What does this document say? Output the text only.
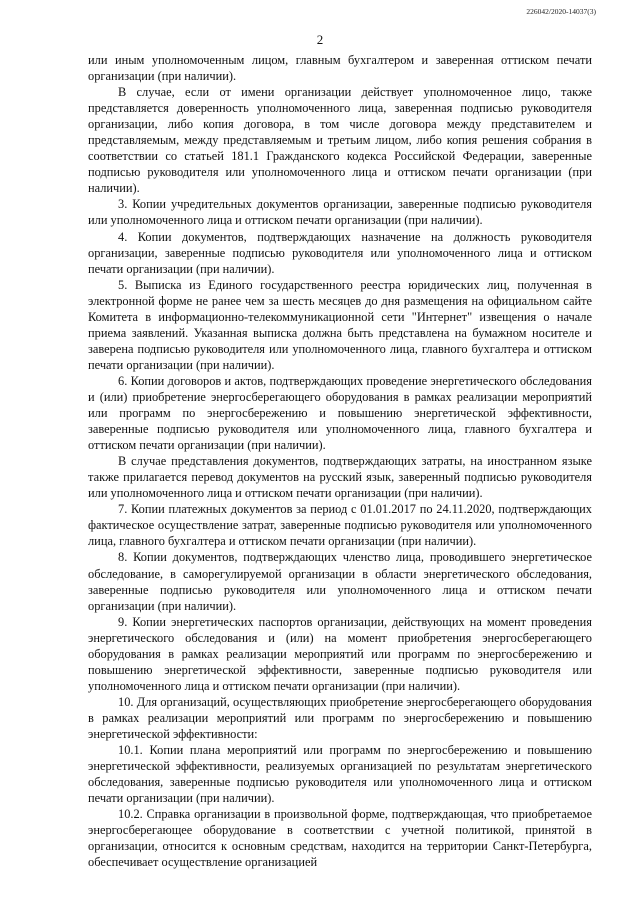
226042/2020-14037(3)
2

или иным уполномоченным лицом, главным бухгалтером и заверенная оттиском печати организации (при наличии).

В случае, если от имени организации действует уполномоченное лицо, также представляется доверенность уполномоченного лица, заверенная подписью руководителя организации, либо копия договора, в том числе договора между представителем и представляемым, между представляемым и третьим лицом, либо копия решения собрания в соответствии со статьей 181.1 Гражданского кодекса Российской Федерации, заверенные подписью руководителя или уполномоченного лица и оттиском печати организации (при наличии).

3. Копии учредительных документов организации, заверенные подписью руководителя или уполномоченного лица и оттиском печати организации (при наличии).

4. Копии документов, подтверждающих назначение на должность руководителя организации, заверенные подписью руководителя или уполномоченного лица и оттиском печати организации (при наличии).

5. Выписка из Единого государственного реестра юридических лиц, полученная в электронной форме не ранее чем за шесть месяцев до дня размещения на официальном сайте Комитета в информационно-телекоммуникационной сети "Интернет" извещения о начале приема заявлений. Указанная выписка должна быть представлена на бумажном носителе и заверена подписью руководителя или уполномоченного лица, главного бухгалтера и оттиском печати организации (при наличии).

6. Копии договоров и актов, подтверждающих проведение энергетического обследования и (или) приобретение энергосберегающего оборудования в рамках реализации мероприятий или программ по энергосбережению и повышению энергетической эффективности, заверенные подписью руководителя или уполномоченного лица, главного бухгалтера и оттиском печати организации (при наличии).

В случае представления документов, подтверждающих затраты, на иностранном языке также прилагается перевод документов на русский язык, заверенный подписью руководителя или уполномоченного лица и оттиском печати организации (при наличии).

7. Копии платежных документов за период с 01.01.2017 по 24.11.2020, подтверждающих фактическое осуществление затрат, заверенные подписью руководителя или уполномоченного лица, главного бухгалтера и оттиском печати организации (при наличии).

8. Копии документов, подтверждающих членство лица, проводившего энергетическое обследование, в саморегулируемой организации в области энергетического обследования, заверенные подписью руководителя или уполномоченного лица и оттиском печати организации (при наличии).

9. Копии энергетических паспортов организации, действующих на момент проведения энергетического обследования и (или) на момент приобретения энергосберегающего оборудования в рамках реализации мероприятий или программ по энергосбережению и повышению энергетической эффективности, заверенные подписью руководителя или уполномоченного лица и оттиском печати организации (при наличии).

10. Для организаций, осуществляющих приобретение энергосберегающего оборудования в рамках реализации мероприятий или программ по энергосбережению и повышению энергетической эффективности:

10.1. Копии плана мероприятий или программ по энергосбережению и повышению энергетической эффективности, реализуемых организацией по результатам энергетического обследования, заверенные подписью руководителя или уполномоченного лица и оттиском печати организации (при наличии).

10.2. Справка организации в произвольной форме, подтверждающая, что приобретаемое энергосберегающее оборудование в соответствии с учетной политикой, принятой в организации, относится к основным средствам, находится на территории Санкт-Петербурга, обеспечивает осуществление организацией
